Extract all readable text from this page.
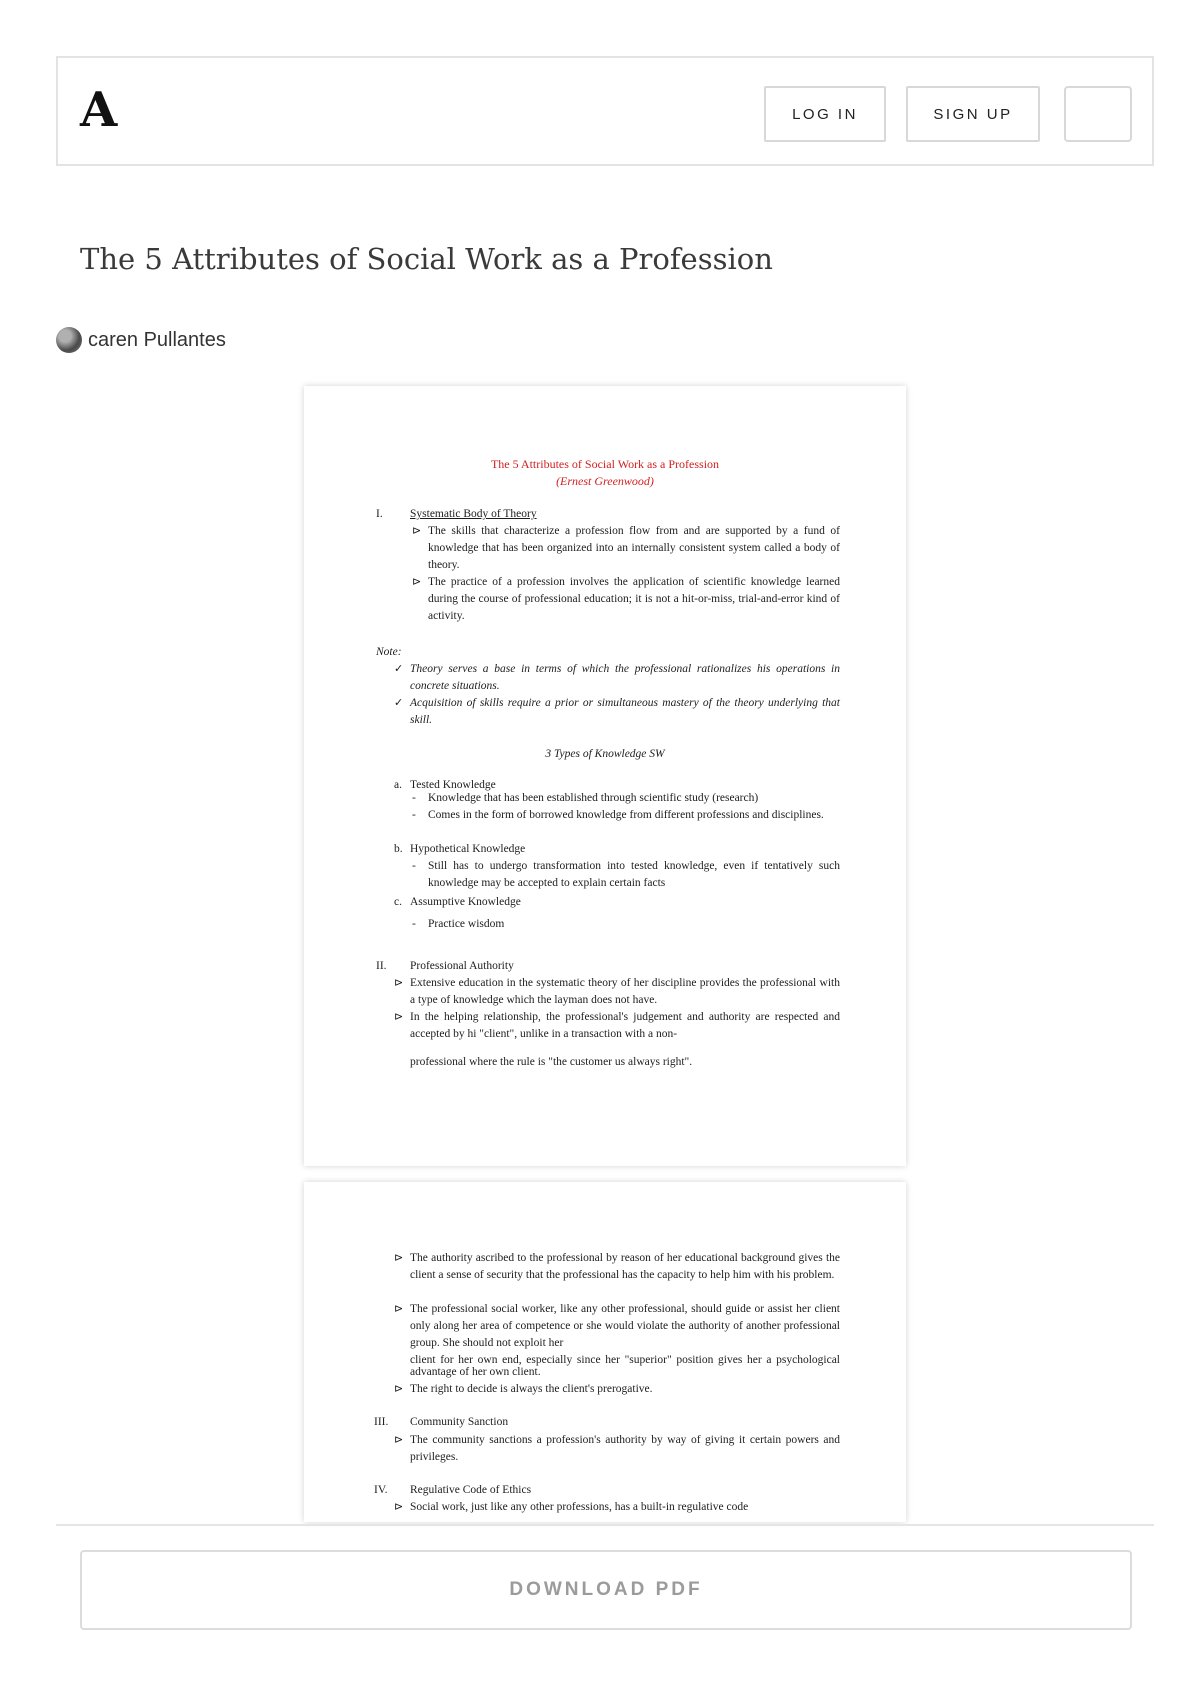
A	LOG IN	SIGN UP
The 5 Attributes of Social Work as a Profession
caren Pullantes
The 5 Attributes of Social Work as a Profession
(Ernest Greenwood)
I. Systematic Body of Theory
⊳ The skills that characterize a profession flow from and are supported by a fund of knowledge that has been organized into an internally consistent system called a body of theory.
⊳ The practice of a profession involves the application of scientific knowledge learned during the course of professional education; it is not a hit-or-miss, trial-and-error kind of activity.
Note:
✓ Theory serves a base in terms of which the professional rationalizes his operations in concrete situations.
✓ Acquisition of skills require a prior or simultaneous mastery of the theory underlying that skill.
3 Types of Knowledge SW
a. Tested Knowledge
- Knowledge that has been established through scientific study (research)
- Comes in the form of borrowed knowledge from different professions and disciplines.
b. Hypothetical Knowledge
- Still has to undergo transformation into tested knowledge, even if tentatively such knowledge may be accepted to explain certain facts
c. Assumptive Knowledge
- Practice wisdom
II. Professional Authority
⊳ Extensive education in the systematic theory of her discipline provides the professional with a type of knowledge which the layman does not have.
⊳ In the helping relationship, the professional's judgement and authority are respected and accepted by hi "client", unlike in a transaction with a non-
professional where the rule is "the customer us always right".
⊳ The authority ascribed to the professional by reason of her educational background gives the client a sense of security that the professional has the capacity to help him with his problem.
⊳ The professional social worker, like any other professional, should guide or assist her client only along her area of competence or she would violate the authority of another professional group. She should not exploit her
client for her own end, especially since her "superior" position gives her a psychological advantage of her own client.
⊳ The right to decide is always the client's prerogative.
III. Community Sanction
⊳ The community sanctions a profession's authority by way of giving it certain powers and privileges.
IV. Regulative Code of Ethics
⊳ Social work, just like any other professions, has a built-in regulative code
DOWNLOAD PDF
